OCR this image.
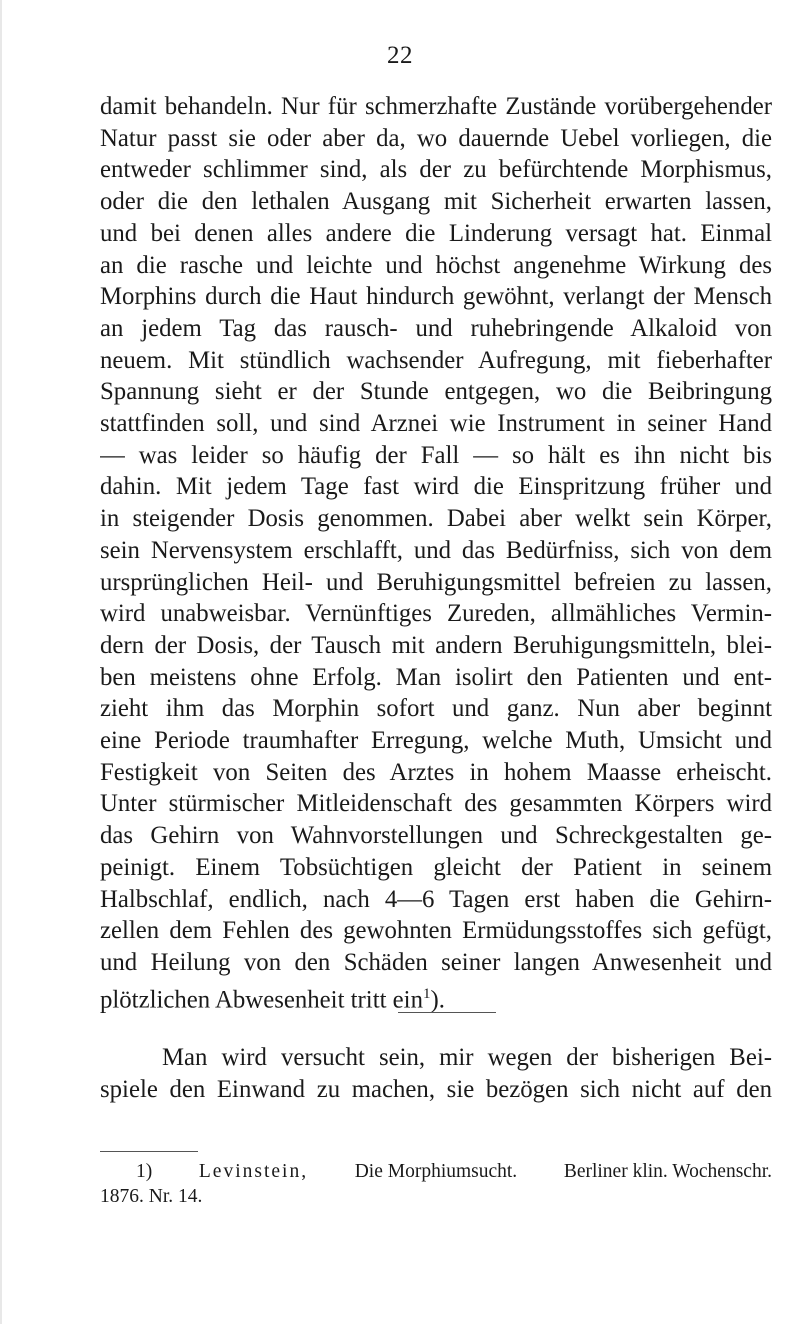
22
damit behandeln. Nur für schmerzhafte Zustände vorübergehender
Natur passt sie oder aber da, wo dauernde Uebel vorliegen, die
entweder schlimmer sind, als der zu befürchtende Morphismus,
oder die den lethalen Ausgang mit Sicherheit erwarten lassen,
und bei denen alles andere die Linderung versagt hat. Einmal
an die rasche und leichte und höchst angenehme Wirkung des
Morphins durch die Haut hindurch gewöhnt, verlangt der Mensch
an jedem Tag das rausch- und ruhebringende Alkaloid von
neuem. Mit stündlich wachsender Aufregung, mit fieberhafter
Spannung sieht er der Stunde entgegen, wo die Beibringung
stattfinden soll, und sind Arznei wie Instrument in seiner Hand
— was leider so häufig der Fall — so hält es ihn nicht bis
dahin. Mit jedem Tage fast wird die Einspritzung früher und
in steigender Dosis genommen. Dabei aber welkt sein Körper,
sein Nervensystem erschlafft, und das Bedürfniss, sich von dem
ursprünglichen Heil- und Beruhigungsmittel befreien zu lassen,
wird unabweisbar. Vernünftiges Zureden, allmähliches Vermin-
dern der Dosis, der Tausch mit andern Beruhigungsmitteln, blei-
ben meistens ohne Erfolg. Man isolirt den Patienten und ent-
zieht ihm das Morphin sofort und ganz. Nun aber beginnt
eine Periode traumhafter Erregung, welche Muth, Umsicht und
Festigkeit von Seiten des Arztes in hohem Maasse erheischt.
Unter stürmischer Mitleidenschaft des gesammten Körpers wird
das Gehirn von Wahnvorstellungen und Schreckgestalten ge-
peinigt. Einem Tobsüchtigen gleicht der Patient in seinem
Halbschlaf, endlich, nach 4—6 Tagen erst haben die Gehirn-
zellen dem Fehlen des gewohnten Ermüdungsstoffes sich gefügt,
und Heilung von den Schäden seiner langen Anwesenheit und
plötzlichen Abwesenheit tritt ein$^1$).
Man wird versucht sein, mir wegen der bisherigen Bei-
spiele den Einwand zu machen, sie bezögen sich nicht auf den
1) Levinstein, Die Morphiumsucht. Berliner klin. Wochenschr.
1876. Nr. 14.
